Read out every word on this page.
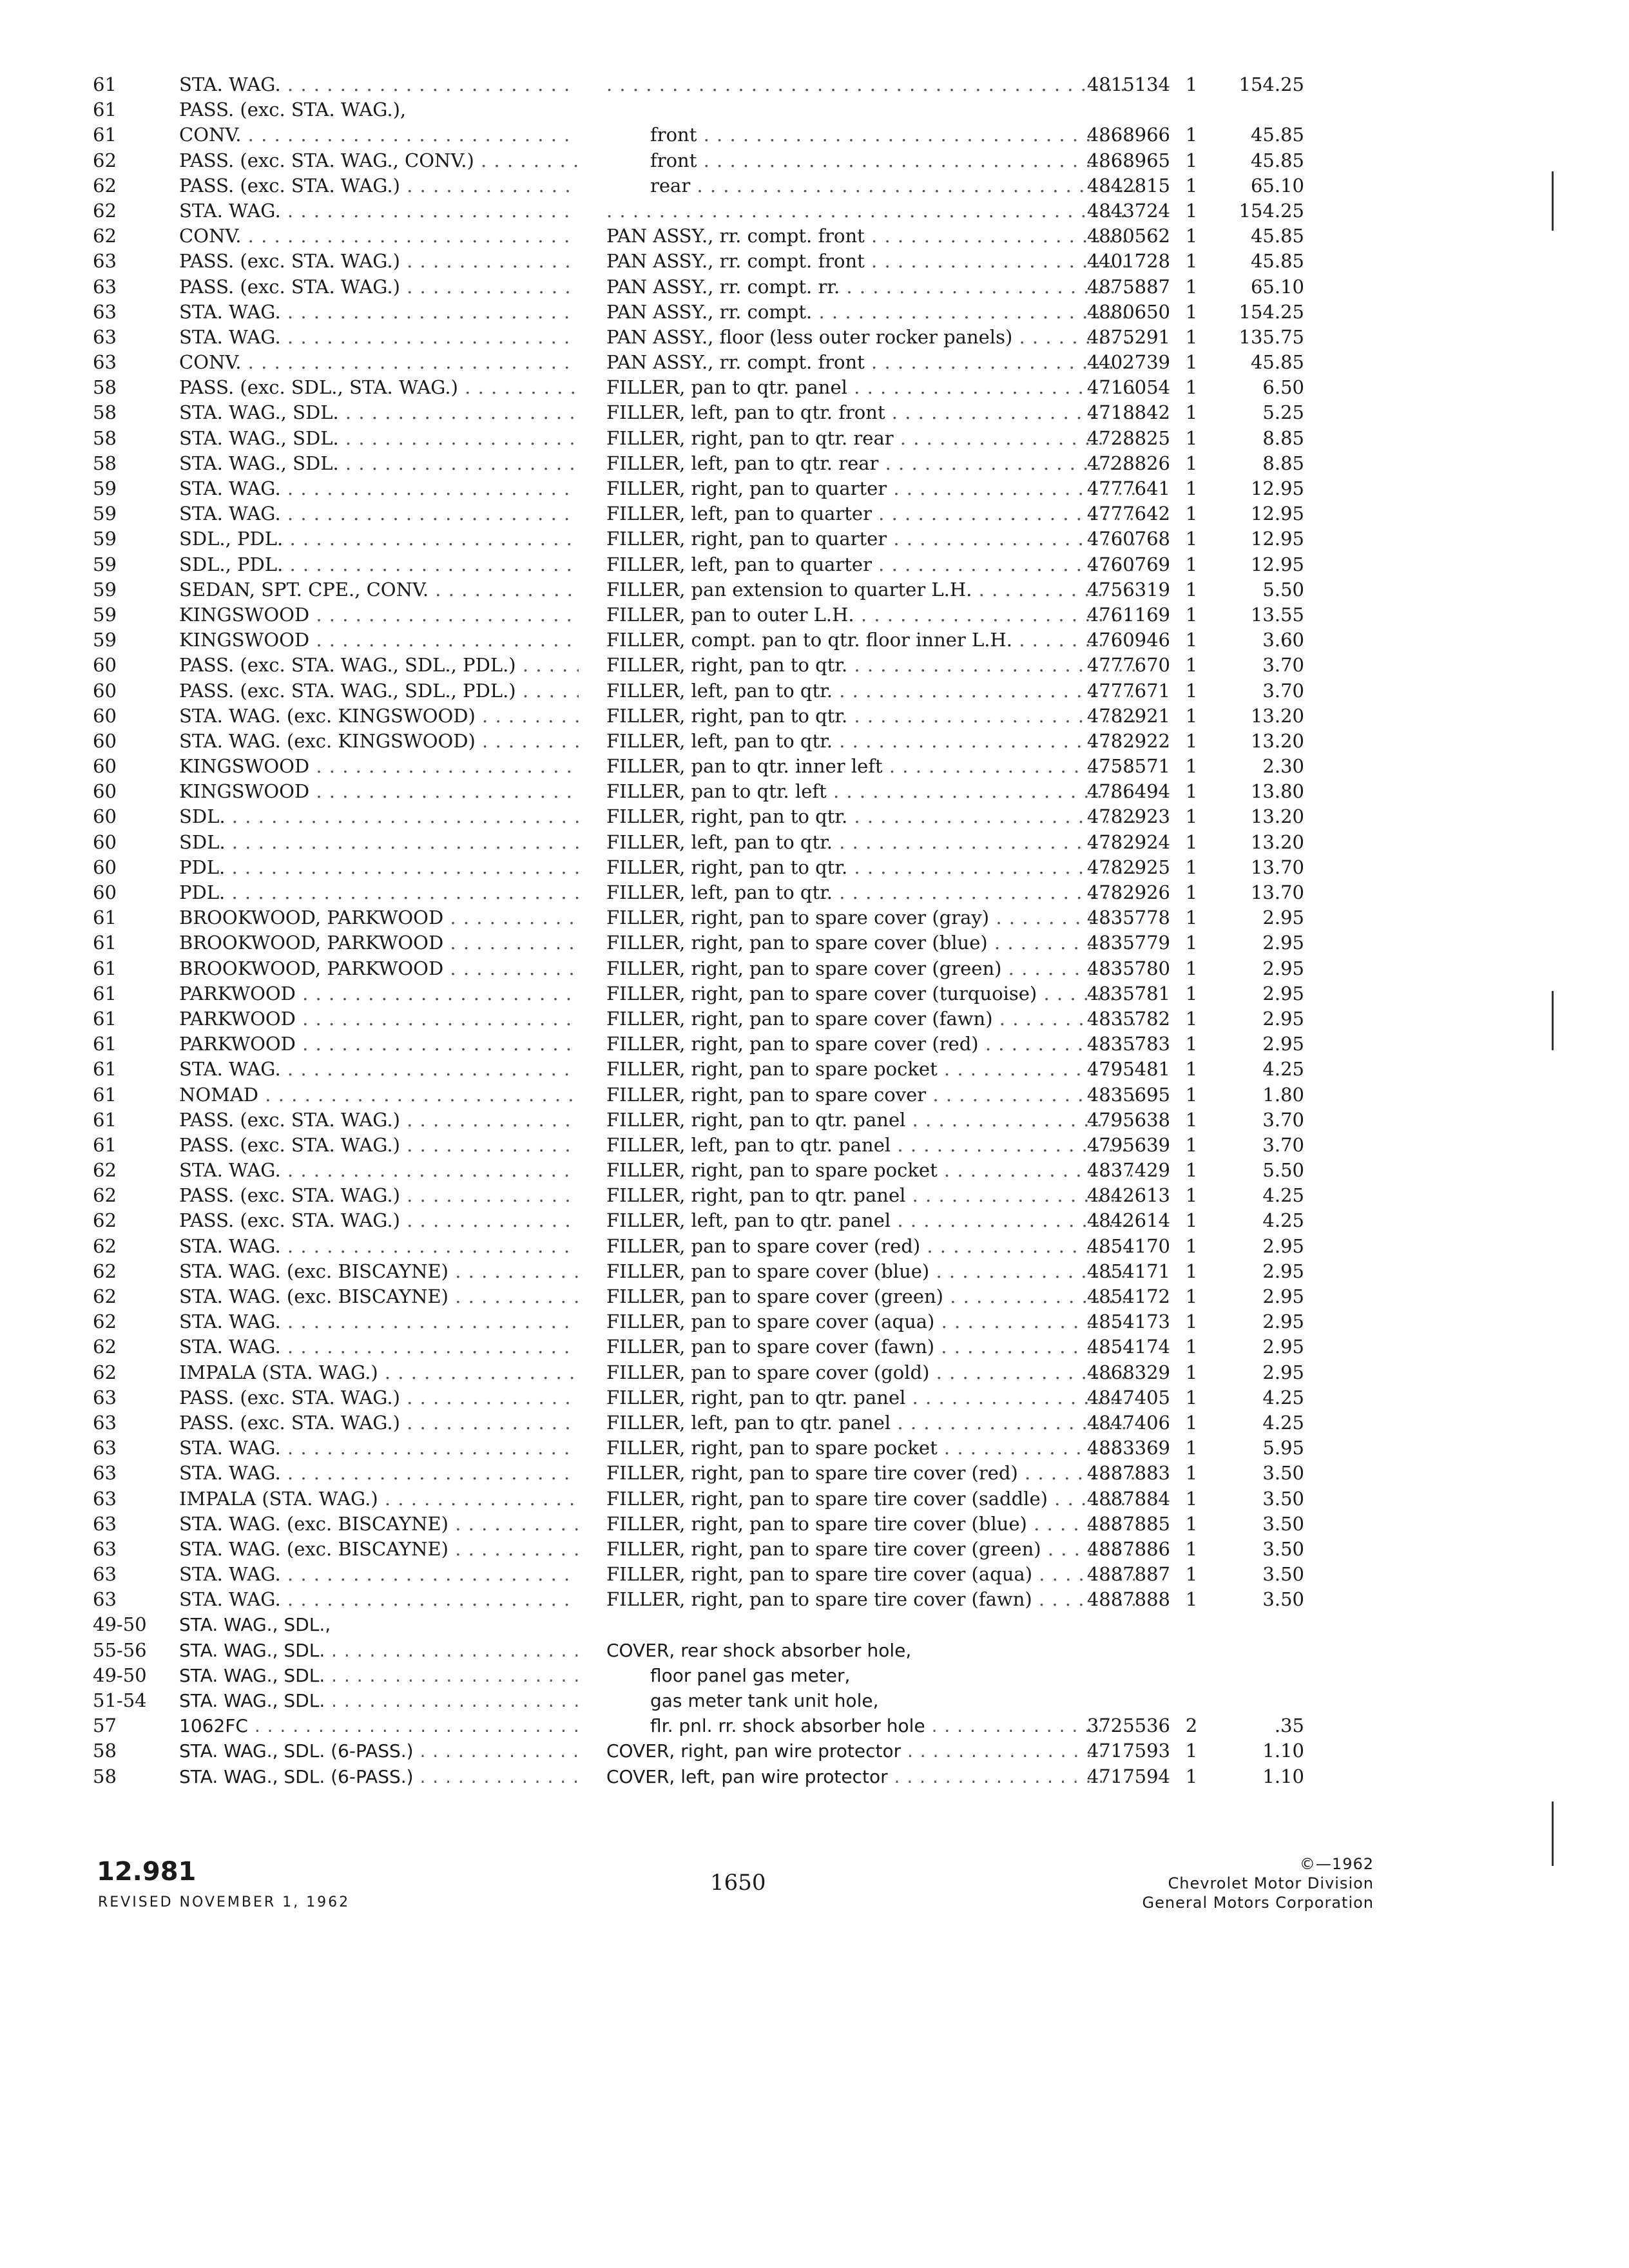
61	STA. WAG. . . . . . .	4815134 1	154.25
61	PASS. (exc. STA. WAG.),
61	CONV. . . .	front . . .	4868966 1	45.85
62	PASS. (exc. STA. WAG., CONV.) . . .	front . . .	4868965 1	45.85
62	PASS. (exc. STA. WAG.) . . .	rear . . .	4842815 1	65.10
62	STA. WAG. . . . . . .	4843724 1	154.25
62	CONV. . . .	PAN ASSY., rr. compt. front . . .	4880562 1	45.85
63	PASS. (exc. STA. WAG.) . . .	PAN ASSY., rr. compt. front . . .	4401728 1	45.85
63	PASS. (exc. STA. WAG.) . . .	PAN ASSY., rr. compt. rr. . . .	4875887 1	65.10
63	STA. WAG. . . .	PAN ASSY., rr. compt. . . .	4880650 1	154.25
63	STA. WAG. . . .	PAN ASSY., floor (less outer rocker panels) . . .	4875291 1	135.75
63	CONV. . . .	PAN ASSY., rr. compt. front . . .	4402739 1	45.85
58	PASS. (exc. SDL., STA. WAG.) . . .	FILLER, pan to qtr. panel . . .	4716054 1	6.50
58	STA. WAG., SDL. . . .	FILLER, left, pan to qtr. front . . .	4718842 1	5.25
58	STA. WAG., SDL. . . .	FILLER, right, pan to qtr. rear . . .	4728825 1	8.85
58	STA. WAG., SDL. . . .	FILLER, left, pan to qtr. rear . . .	4728826 1	8.85
59	STA. WAG. . . .	FILLER, right, pan to quarter . . .	4777641 1	12.95
59	STA. WAG. . . .	FILLER, left, pan to quarter . . .	4777642 1	12.95
59	SDL., PDL. . . .	FILLER, right, pan to quarter . . .	4760768 1	12.95
59	SDL., PDL. . . .	FILLER, left, pan to quarter . . .	4760769 1	12.95
59	SEDAN, SPT. CPE., CONV. . . .	FILLER, pan extension to quarter L.H. . . .	4756319 1	5.50
59	KINGSWOOD . . .	FILLER, pan to outer L.H. . . .	4761169 1	13.55
59	KINGSWOOD . . .	FILLER, compt. pan to qtr. floor inner L.H. . . .	4760946 1	3.60
60	PASS. (exc. STA. WAG., SDL., PDL.) . . .	FILLER, right, pan to qtr. . . .	4777670 1	3.70
60	PASS. (exc. STA. WAG., SDL., PDL.) . . .	FILLER, left, pan to qtr. . . .	4777671 1	3.70
60	STA. WAG. (exc. KINGSWOOD) . . .	FILLER, right, pan to qtr. . . .	4782921 1	13.20
60	STA. WAG. (exc. KINGSWOOD) . . .	FILLER, left, pan to qtr. . . .	4782922 1	13.20
60	KINGSWOOD . . .	FILLER, pan to qtr. inner left . . .	4758571 1	2.30
60	KINGSWOOD . . .	FILLER, pan to qtr. left . . .	4786494 1	13.80
60	SDL. . . .	FILLER, right, pan to qtr. . . .	4782923 1	13.20
60	SDL. . . .	FILLER, left, pan to qtr. . . .	4782924 1	13.20
60	PDL. . . .	FILLER, right, pan to qtr. . . .	4782925 1	13.70
60	PDL. . . .	FILLER, left, pan to qtr. . . .	4782926 1	13.70
61	BROOKWOOD, PARKWOOD . . .	FILLER, right, pan to spare cover (gray) . . .	4835778 1	2.95
61	BROOKWOOD, PARKWOOD . . .	FILLER, right, pan to spare cover (blue) . . .	4835779 1	2.95
61	BROOKWOOD, PARKWOOD . . .	FILLER, right, pan to spare cover (green) . . .	4835780 1	2.95
61	PARKWOOD . . .	FILLER, right, pan to spare cover (turquoise) . . .	4835781 1	2.95
61	PARKWOOD . . .	FILLER, right, pan to spare cover (fawn) . . .	4835782 1	2.95
61	PARKWOOD . . .	FILLER, right, pan to spare cover (red) . . .	4835783 1	2.95
61	STA. WAG. . . .	FILLER, right, pan to spare pocket . . .	4795481 1	4.25
61	NOMAD . . .	FILLER, right, pan to spare cover . . .	4835695 1	1.80
61	PASS. (exc. STA. WAG.) . . .	FILLER, right, pan to qtr. panel . . .	4795638 1	3.70
61	PASS. (exc. STA. WAG.) . . .	FILLER, left, pan to qtr. panel . . .	4795639 1	3.70
62	STA. WAG. . . .	FILLER, right, pan to spare pocket . . .	4837429 1	5.50
62	PASS. (exc. STA. WAG.) . . .	FILLER, right, pan to qtr. panel . . .	4842613 1	4.25
62	PASS. (exc. STA. WAG.) . . .	FILLER, left, pan to qtr. panel . . .	4842614 1	4.25
62	STA. WAG. . . .	FILLER, pan to spare cover (red) . . .	4854170 1	2.95
62	STA. WAG. (exc. BISCAYNE) . . .	FILLER, pan to spare cover (blue) . . .	4854171 1	2.95
62	STA. WAG. (exc. BISCAYNE) . . .	FILLER, pan to spare cover (green) . . .	4854172 1	2.95
62	STA. WAG. . . .	FILLER, pan to spare cover (aqua) . . .	4854173 1	2.95
62	STA. WAG. . . .	FILLER, pan to spare cover (fawn) . . .	4854174 1	2.95
62	IMPALA (STA. WAG.) . . .	FILLER, pan to spare cover (gold) . . .	4868329 1	2.95
63	PASS. (exc. STA. WAG.) . . .	FILLER, right, pan to qtr. panel . . .	4847405 1	4.25
63	PASS. (exc. STA. WAG.) . . .	FILLER, left, pan to qtr. panel . . .	4847406 1	4.25
63	STA. WAG. . . .	FILLER, right, pan to spare pocket . . .	4883369 1	5.95
63	STA. WAG. . . .	FILLER, right, pan to spare tire cover (red) . . .	4887883 1	3.50
63	IMPALA (STA. WAG.) . . .	FILLER, right, pan to spare tire cover (saddle) . . .	4887884 1	3.50
63	STA. WAG. (exc. BISCAYNE) . . .	FILLER, right, pan to spare tire cover (blue) . . .	4887885 1	3.50
63	STA. WAG. (exc. BISCAYNE) . . .	FILLER, right, pan to spare tire cover (green) . . .	4887886 1	3.50
63	STA. WAG. . . .	FILLER, right, pan to spare tire cover (aqua) . . .	4887887 1	3.50
63	STA. WAG. . . .	FILLER, right, pan to spare tire cover (fawn) . . .	4887888 1	3.50
49-50	STA. WAG., SDL.,
55-56	STA. WAG., SDL. . . .	COVER, rear shock absorber hole,
49-50	STA. WAG., SDL. . . .	floor panel gas meter,
51-54	STA. WAG., SDL. . . .	gas meter tank unit hole,
57	1062FC . . .	flr. pnl. rr. shock absorber hole . . .	3725536 2	.35
58	STA. WAG., SDL. (6-PASS.) . . .	COVER, right, pan wire protector . . .	4717593 1	1.10
58	STA. WAG., SDL. (6-PASS.) . . .	COVER, left, pan wire protector . . .	4717594 1	1.10
12.981
REVISED NOVEMBER 1, 1962
1650
©—1962
Chevrolet Motor Division
General Motors Corporation
